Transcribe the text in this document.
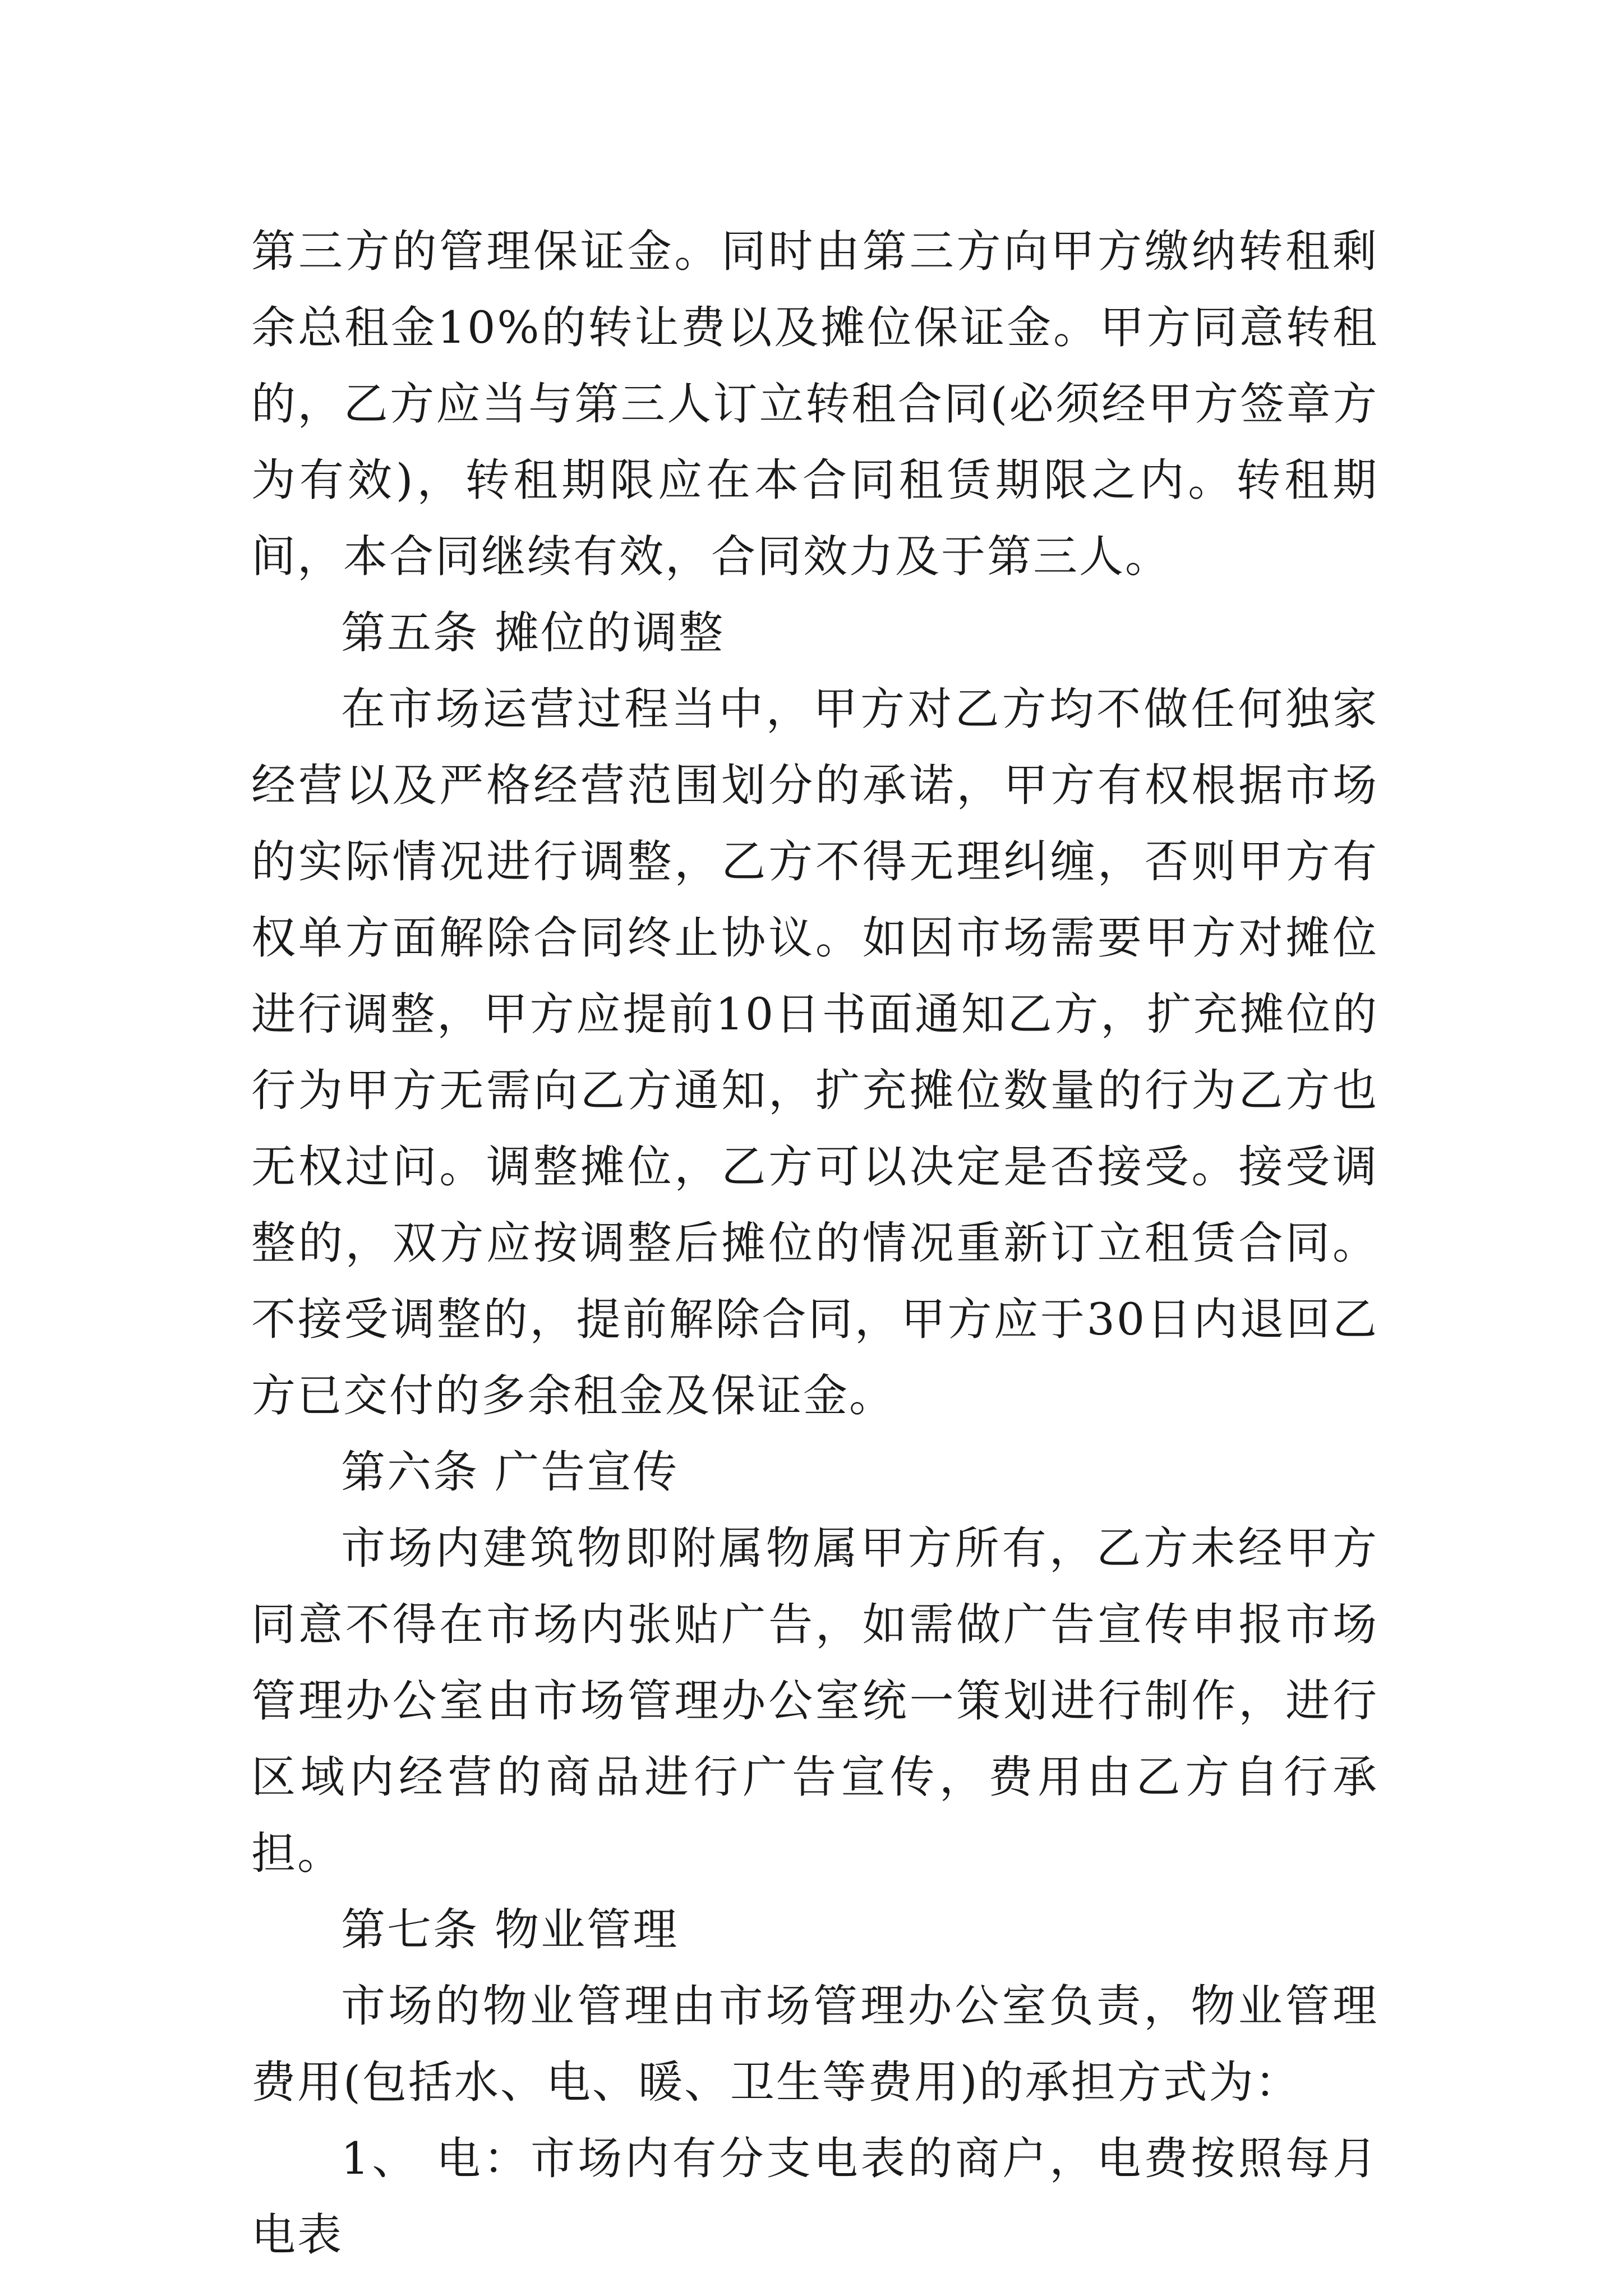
第三方的管理保证金。同时由第三方向甲方缴纳转租剩余总租金10%的转让费以及摊位保证金。甲方同意转租的，乙方应当与第三人订立转租合同(必须经甲方签章方为有效)，转租期限应在本合同租赁期限之内。转租期间，本合同继续有效，合同效力及于第三人。

第五条 摊位的调整

在市场运营过程当中，甲方对乙方均不做任何独家经营以及严格经营范围划分的承诺，甲方有权根据市场的实际情况进行调整，乙方不得无理纠缠，否则甲方有权单方面解除合同终止协议。如因市场需要甲方对摊位进行调整，甲方应提前10日书面通知乙方，扩充摊位的行为甲方无需向乙方通知，扩充摊位数量的行为乙方也无权过问。调整摊位，乙方可以决定是否接受。接受调整的，双方应按调整后摊位的情况重新订立租赁合同。不接受调整的，提前解除合同，甲方应于30日内退回乙方已交付的多余租金及保证金。

第六条 广告宣传

市场内建筑物即附属物属甲方所有，乙方未经甲方同意不得在市场内张贴广告，如需做广告宣传申报市场管理办公室由市场管理办公室统一策划进行制作，进行区域内经营的商品进行广告宣传，费用由乙方自行承担。

第七条 物业管理

市场的物业管理由市场管理办公室负责，物业管理费用(包括水、电、暖、卫生等费用)的承担方式为：

1、 电：市场内有分支电表的商户，电费按照每月电表
